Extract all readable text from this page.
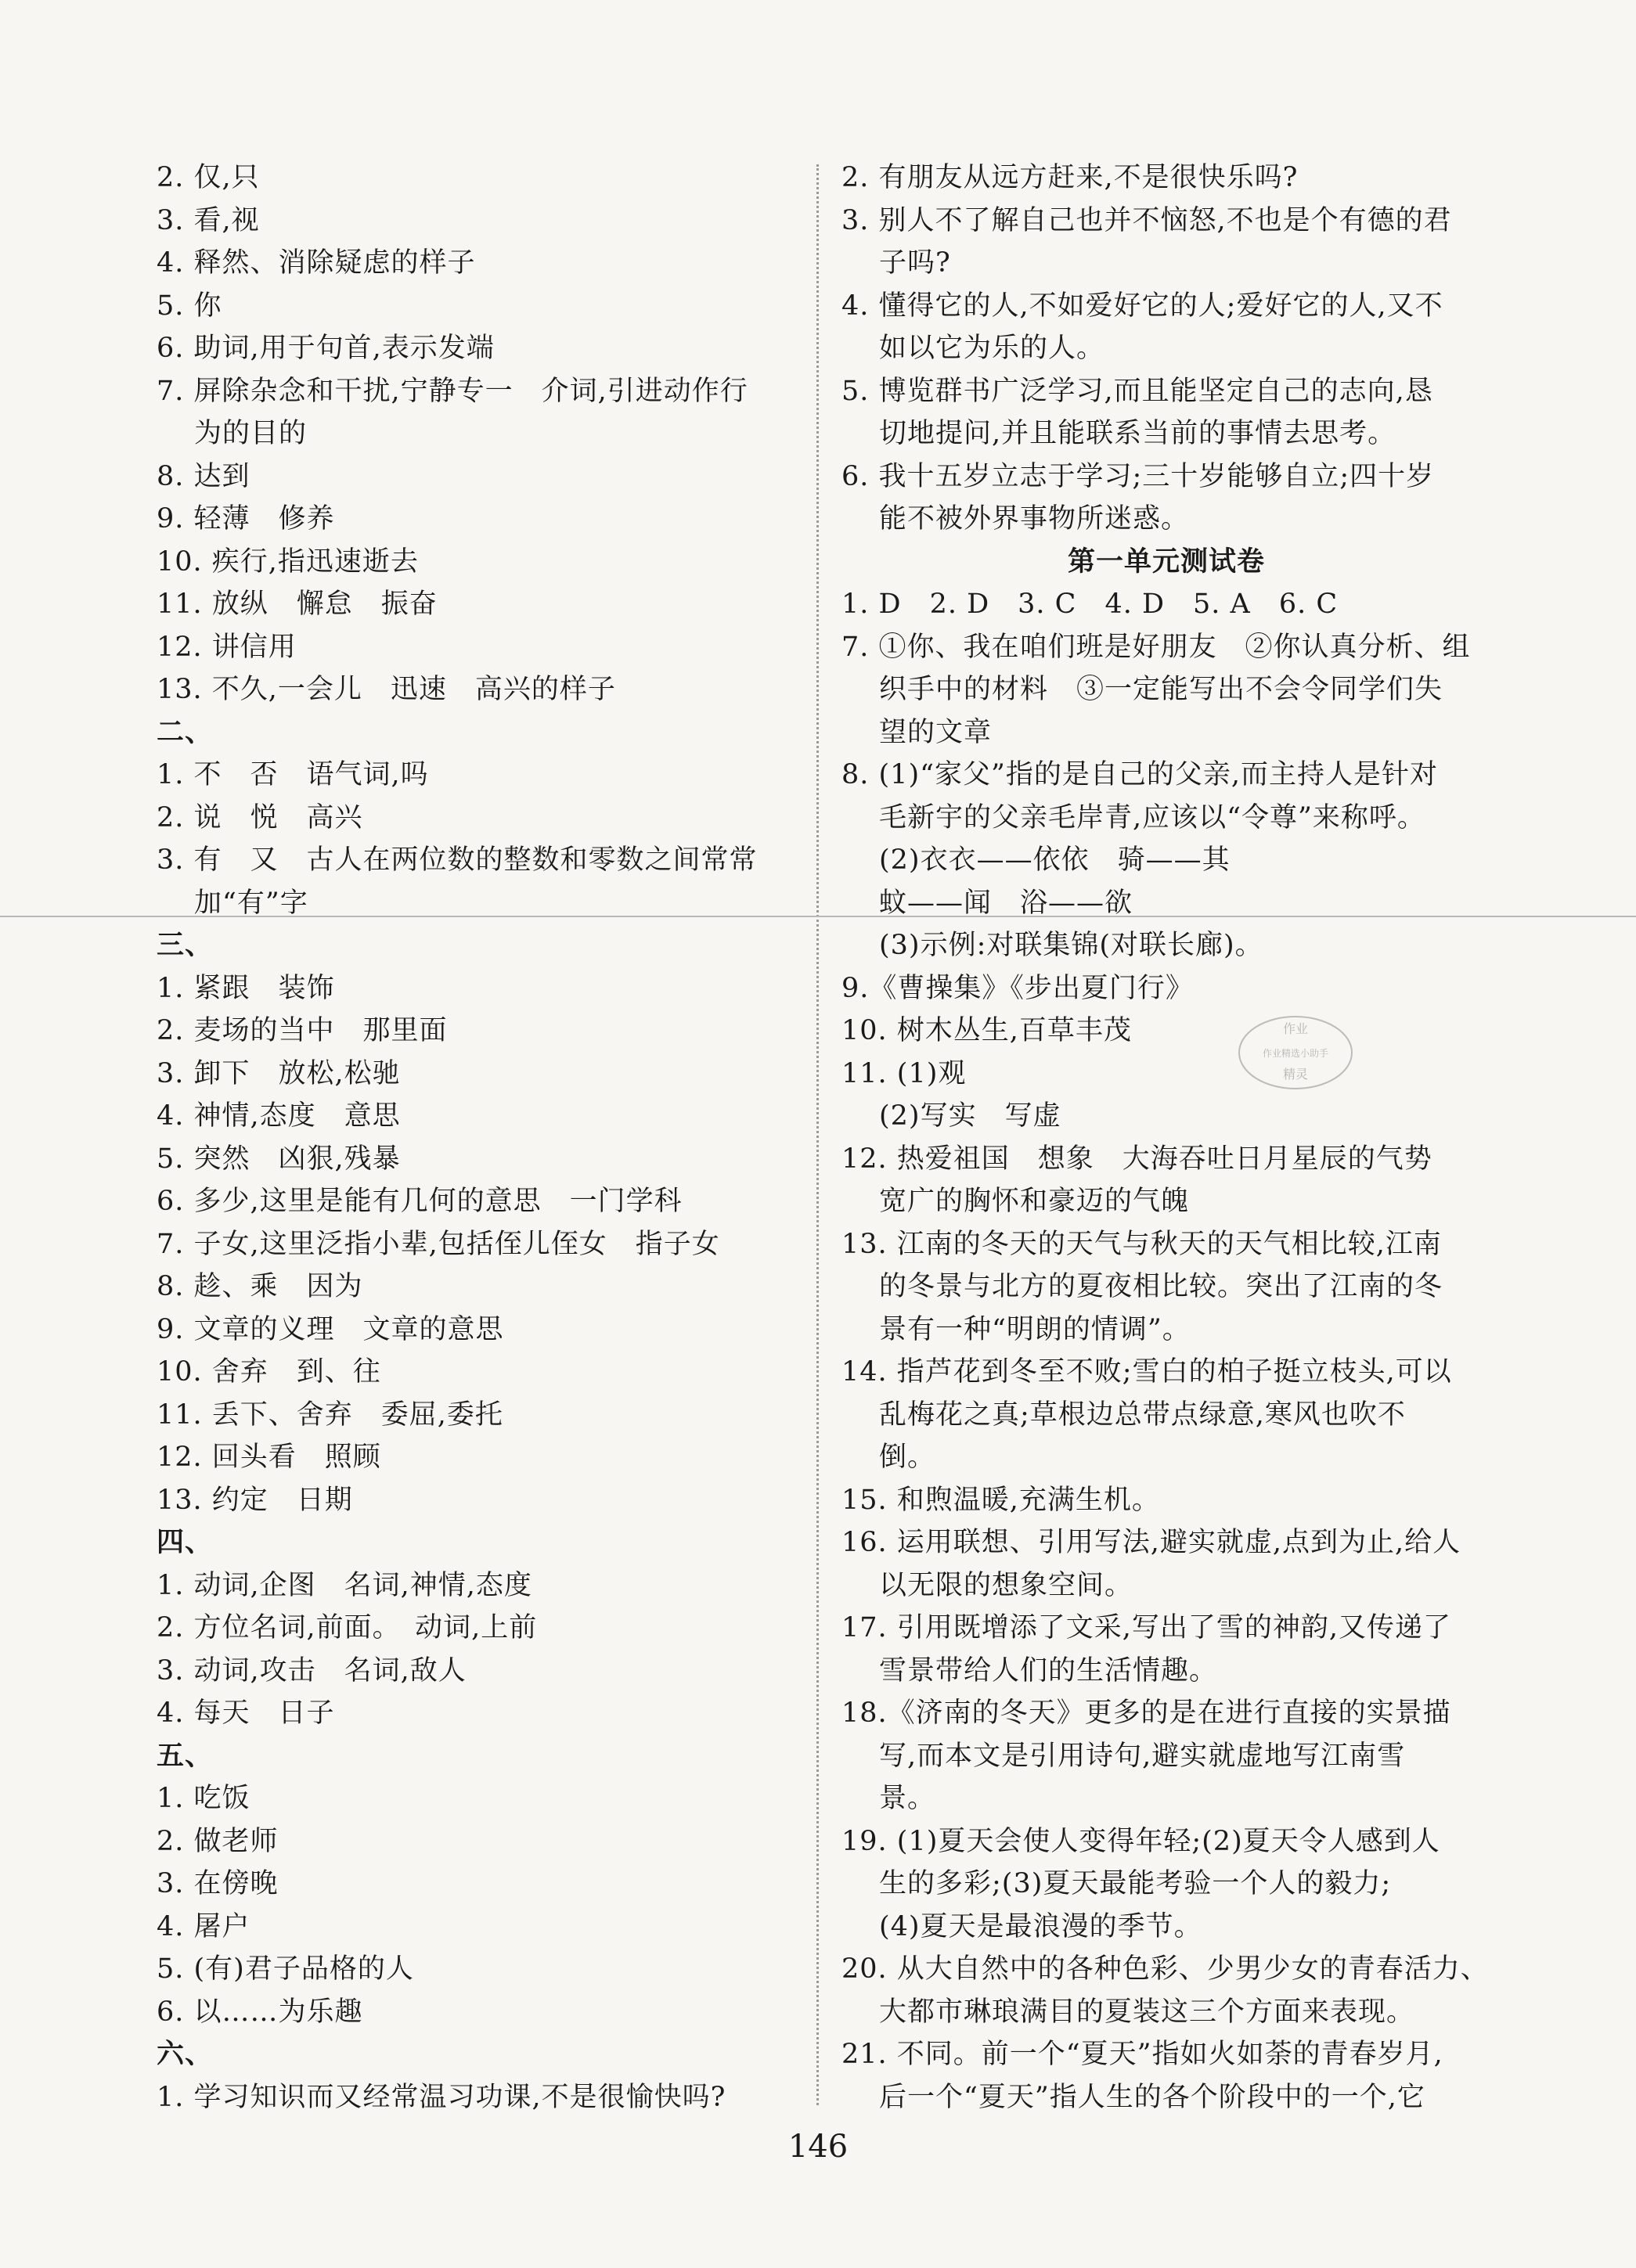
2. 仅,只
3. 看,视
4. 释然、消除疑虑的样子
5. 你
6. 助词,用于句首,表示发端
7. 屏除杂念和干扰,宁静专一　介词,引进动作行
为的目的
8. 达到
9. 轻薄　修养
10. 疾行,指迅速逝去
11. 放纵　懈怠　振奋
12. 讲信用
13. 不久,一会儿　迅速　高兴的样子
二、
1. 不　否　语气词,吗
2. 说　悦　高兴
3. 有　又　古人在两位数的整数和零数之间常常
加“有”字
三、
1. 紧跟　装饰
2. 麦场的当中　那里面
3. 卸下　放松,松驰
4. 神情,态度　意思
5. 突然　凶狠,残暴
6. 多少,这里是能有几何的意思　一门学科
7. 子女,这里泛指小辈,包括侄儿侄女　指子女
8. 趁、乘　因为
9. 文章的义理　文章的意思
10. 舍弃　到、往
11. 丢下、舍弃　委屈,委托
12. 回头看　照顾
13. 约定　日期
四、
1. 动词,企图　名词,神情,态度
2. 方位名词,前面。　动词,上前
3. 动词,攻击　名词,敌人
4. 每天　日子
五、
1. 吃饭
2. 做老师
3. 在傍晚
4. 屠户
5. (有)君子品格的人
6. 以……为乐趣
六、
1. 学习知识而又经常温习功课,不是很愉快吗?
2. 有朋友从远方赶来,不是很快乐吗?
3. 别人不了解自己也并不恼怒,不也是个有德的君
子吗?
4. 懂得它的人,不如爱好它的人;爱好它的人,又不
如以它为乐的人。
5. 博览群书广泛学习,而且能坚定自己的志向,恳
切地提问,并且能联系当前的事情去思考。
6. 我十五岁立志于学习;三十岁能够自立;四十岁
能不被外界事物所迷惑。
第一单元测试卷
1. D　2. D　3. C　4. D　5. A　6. C
7. ①你、我在咱们班是好朋友　②你认真分析、组
织手中的材料　③一定能写出不会令同学们失
望的文章
8. (1)“家父”指的是自己的父亲,而主持人是针对
毛新宇的父亲毛岸青,应该以“令尊”来称呼。
(2)衣衣——依依　骑——其
蚊——闻　浴——欲
(3)示例:对联集锦(对联长廊)。
9.《曹操集》《步出夏门行》
10. 树木丛生,百草丰茂
11. (1)观
(2)写实　写虚
12. 热爱祖国　想象　大海吞吐日月星辰的气势
宽广的胸怀和豪迈的气魄
13. 江南的冬天的天气与秋天的天气相比较,江南
的冬景与北方的夏夜相比较。突出了江南的冬
景有一种“明朗的情调”。
14. 指芦花到冬至不败;雪白的柏子挺立枝头,可以
乱梅花之真;草根边总带点绿意,寒风也吹不
倒。
15. 和煦温暖,充满生机。
16. 运用联想、引用写法,避实就虚,点到为止,给人
以无限的想象空间。
17. 引用既增添了文采,写出了雪的神韵,又传递了
雪景带给人们的生活情趣。
18.《济南的冬天》更多的是在进行直接的实景描
写,而本文是引用诗句,避实就虚地写江南雪
景。
19. (1)夏天会使人变得年轻;(2)夏天令人感到人
生的多彩;(3)夏天最能考验一个人的毅力;
(4)夏天是最浪漫的季节。
20. 从大自然中的各种色彩、少男少女的青春活力、
大都市琳琅满目的夏装这三个方面来表现。
21. 不同。前一个“夏天”指如火如荼的青春岁月,
后一个“夏天”指人生的各个阶段中的一个,它
作业
作业精选小助手
精灵
146
